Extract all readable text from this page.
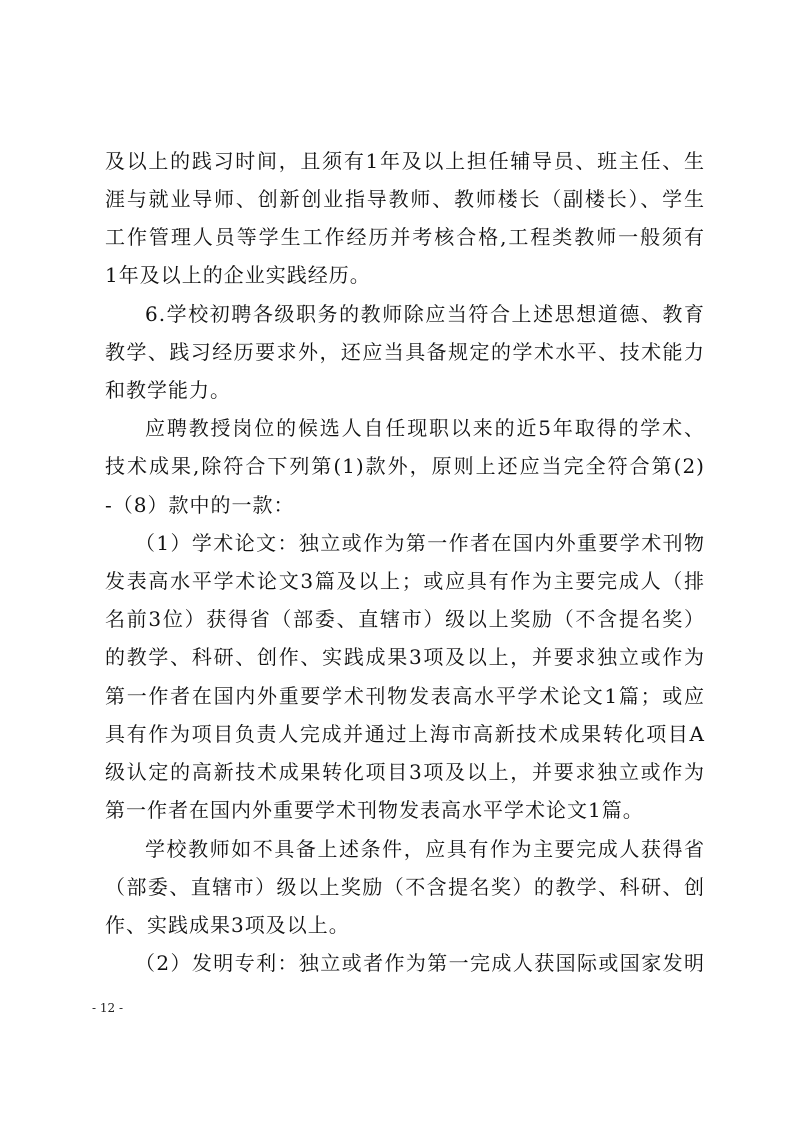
及以上的践习时间，且须有1年及以上担任辅导员、班主任、生
涯与就业导师、创新创业指导教师、教师楼长（副楼长）、学生
工作管理人员等学生工作经历并考核合格,工程类教师一般须有
1年及以上的企业实践经历。
6.学校初聘各级职务的教师除应当符合上述思想道德、教育
教学、践习经历要求外，还应当具备规定的学术水平、技术能力
和教学能力。
应聘教授岗位的候选人自任现职以来的近5年取得的学术、
技术成果,除符合下列第(1)款外，原则上还应当完全符合第(2)
-（8）款中的一款：
（1）学术论文：独立或作为第一作者在国内外重要学术刊物
发表高水平学术论文3篇及以上；或应具有作为主要完成人（排
名前3位）获得省（部委、直辖市）级以上奖励（不含提名奖）
的教学、科研、创作、实践成果3项及以上，并要求独立或作为
第一作者在国内外重要学术刊物发表高水平学术论文1篇；或应
具有作为项目负责人完成并通过上海市高新技术成果转化项目A
级认定的高新技术成果转化项目3项及以上，并要求独立或作为
第一作者在国内外重要学术刊物发表高水平学术论文1篇。
学校教师如不具备上述条件，应具有作为主要完成人获得省
（部委、直辖市）级以上奖励（不含提名奖）的教学、科研、创
作、实践成果3项及以上。
（2）发明专利：独立或者作为第一完成人获国际或国家发明
- 12 -
